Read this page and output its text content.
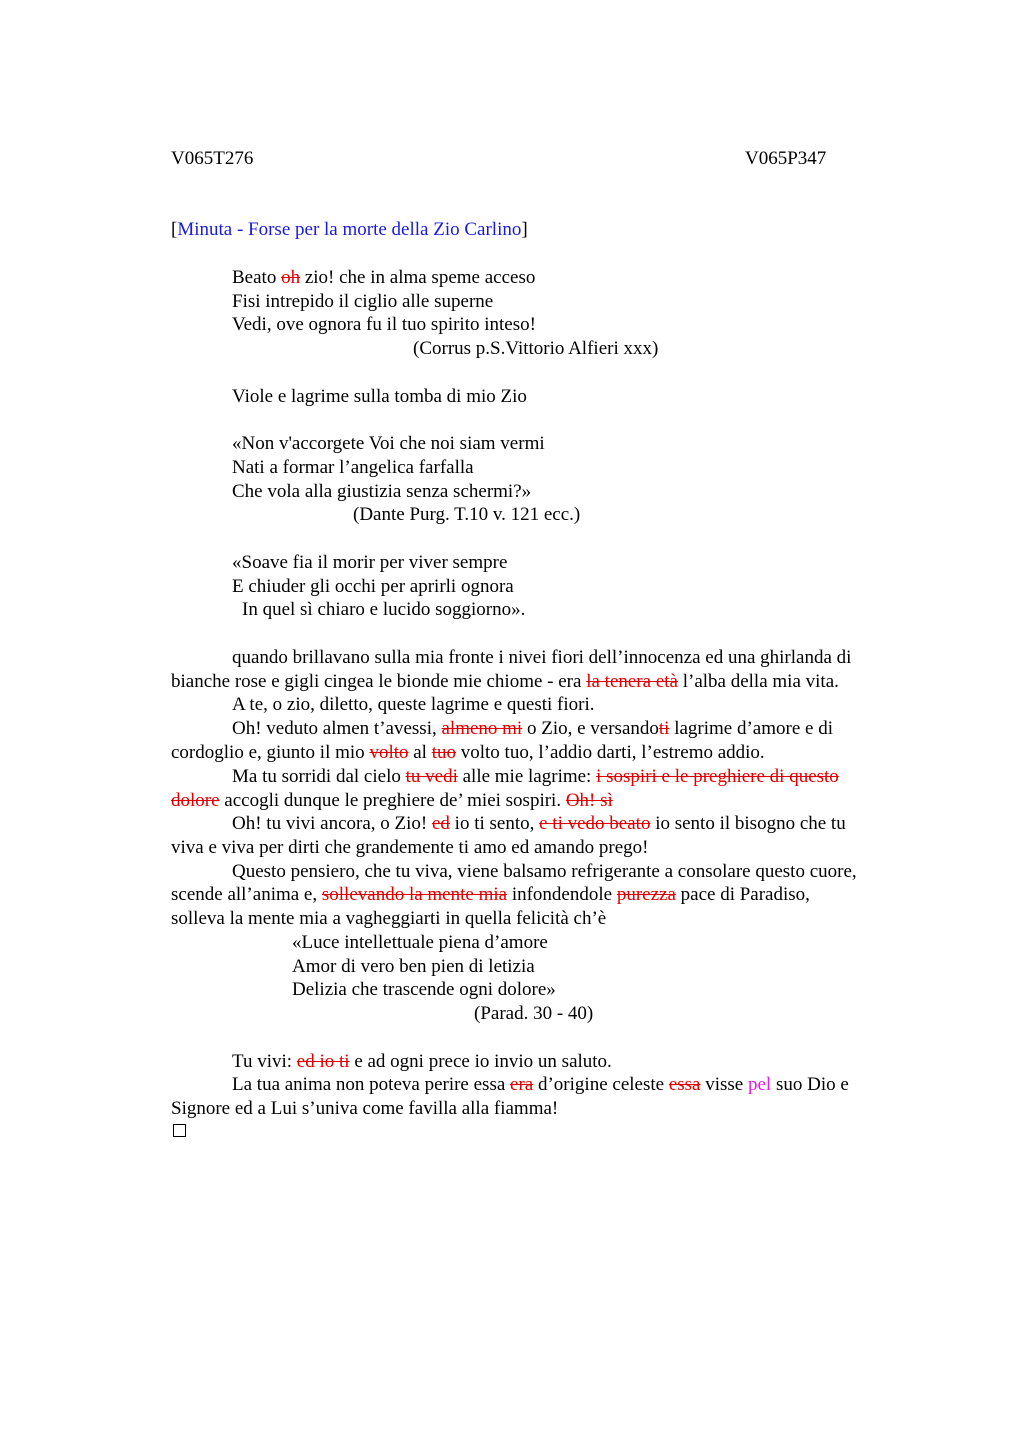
V065T276	V065P347
[Minuta - Forse per la morte della Zio Carlino]
Beato oh zio! che in alma speme acceso
Fisi intrepido il ciglio alle superne
Vedi, ove ognora fu il tuo spirito inteso!
(Corrus p.S.Vittorio Alfieri xxx)
Viole e lagrime sulla tomba di mio Zio
«Non v'accorgete Voi che noi siam vermi
Nati a formar l’angelica farfalla
Che vola alla giustizia senza schermi?»
(Dante Purg. T.10 v. 121 ecc.)
«Soave fia il morir per viver sempre
E chiuder gli occhi per aprirli ognora
In quel sì chiaro e lucido soggiorno».
quando brillavano sulla mia fronte i nivei fiori dell’innocenza ed una ghirlanda di
bianche rose e gigli cingea le bionde mie chiome - era la tenera età l’alba della mia vita.
A te, o zio, diletto, queste lagrime e questi fiori.
Oh! veduto almen t’avessi, almeno mi o Zio, e versandoti lagrime d’amore e di
cordoglio e, giunto il mio volto al tuo volto tuo, l’addio darti, l’estremo addio.
Ma tu sorridi dal cielo tu vedi alle mie lagrime: i sospiri e le preghiere di questo
dolore accogli dunque le preghiere de’ miei sospiri. Oh! sì
Oh! tu vivi ancora, o Zio! ed io ti sento, e ti vedo beato io sento il bisogno che tu
viva e viva per dirti che grandemente ti amo ed amando prego!
Questo pensiero, che tu viva, viene balsamo refrigerante a consolare questo cuore,
scende all’anima e, sollevando la mente mia infondendole purezza pace di Paradiso,
solleva la mente mia a vagheggiarti in quella felicità ch’è
«Luce intellettuale piena d’amore
Amor di vero ben pien di letizia
Delizia che trascende ogni dolore»
(Parad. 30 - 40)
Tu vivi: ed io ti e ad ogni prece io invio un saluto.
La tua anima non poteva perire essa era d’origine celeste essa visse pel suo Dio e
Signore ed a Lui s’univa come favilla alla fiamma!
